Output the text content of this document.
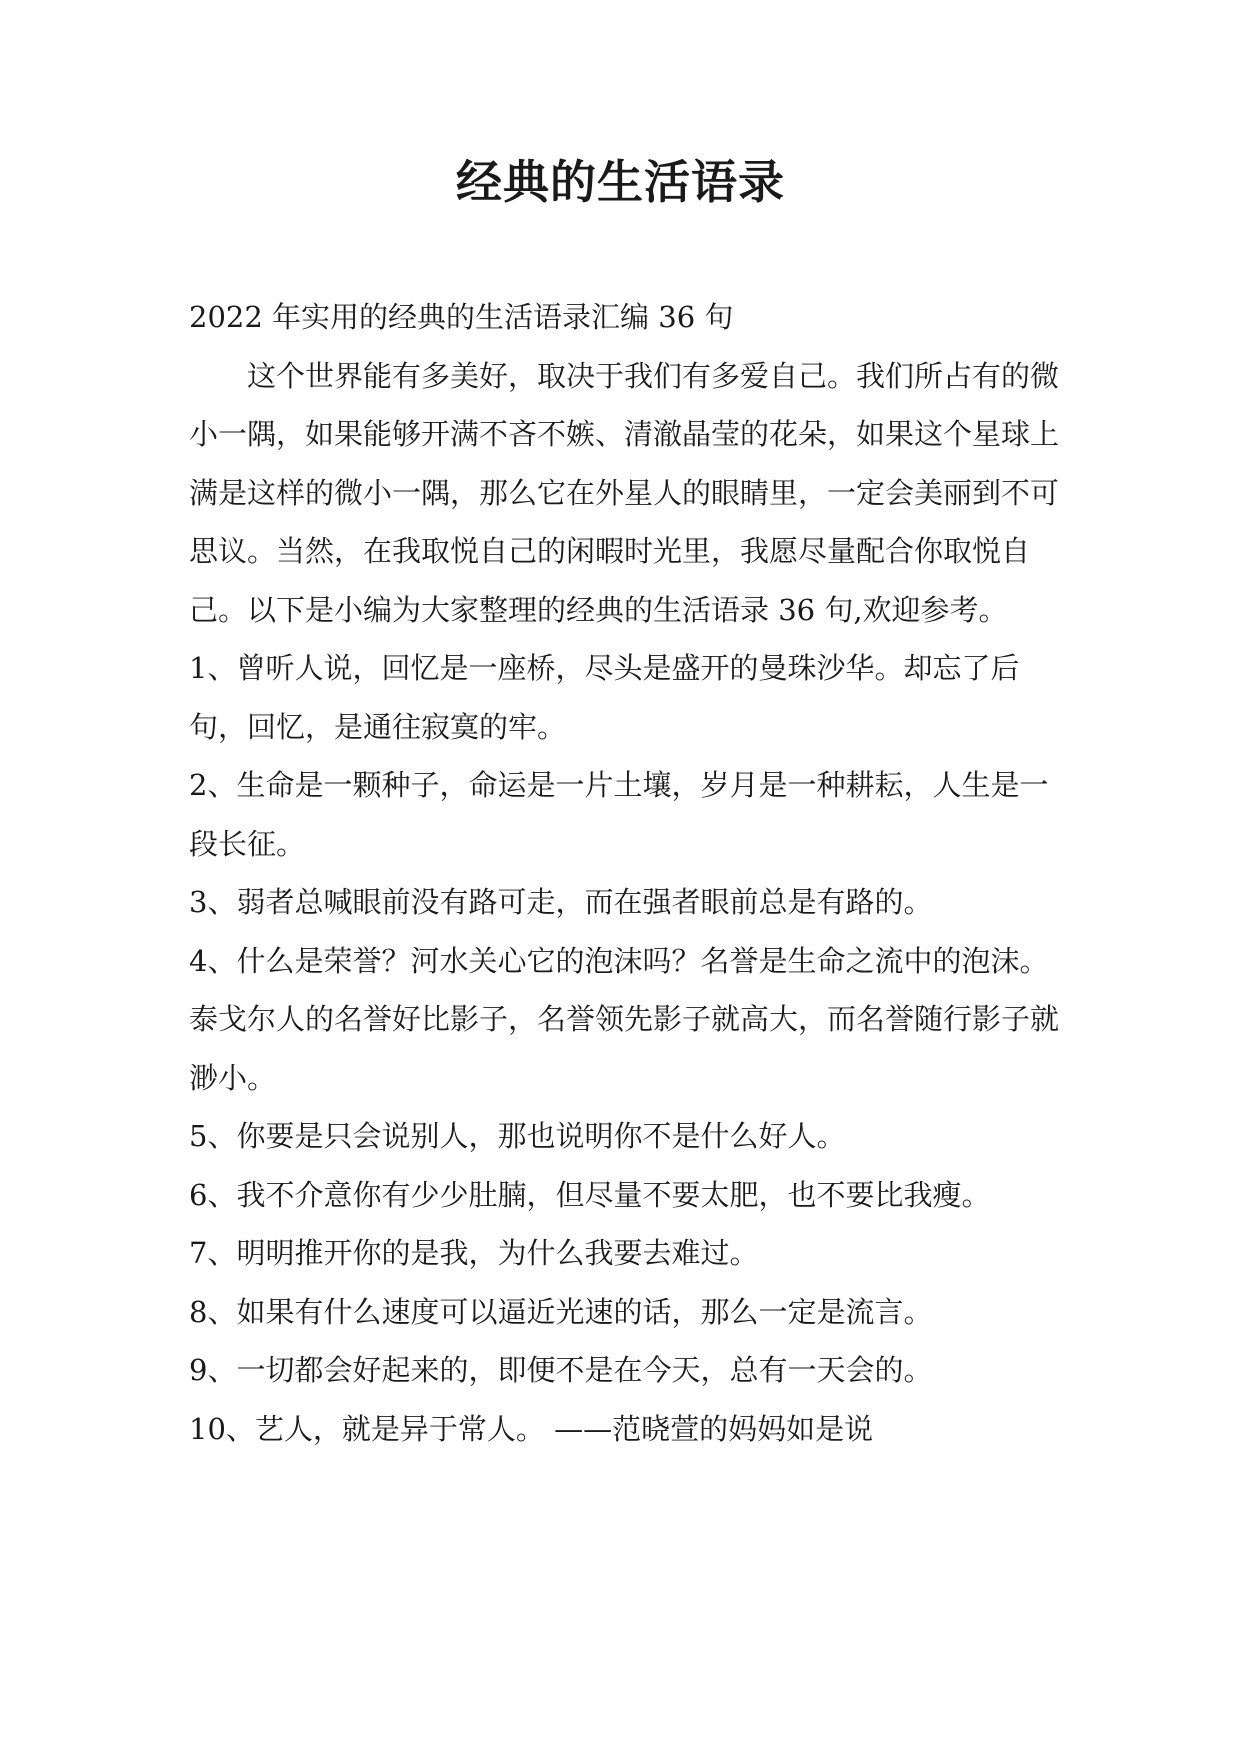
经典的生活语录

2022 年实用的经典的生活语录汇编 36 句

这个世界能有多美好，取决于我们有多爱自己。我们所占有的微小一隅，如果能够开满不吝不嫉、清澈晶莹的花朵，如果这个星球上满是这样的微小一隅，那么它在外星人的眼睛里，一定会美丽到不可思议。当然，在我取悦自己的闲暇时光里，我愿尽量配合你取悦自己。以下是小编为大家整理的经典的生活语录 36 句,欢迎参考。

1、曾听人说，回忆是一座桥，尽头是盛开的曼珠沙华。却忘了后句，回忆，是通往寂寞的牢。

2、生命是一颗种子，命运是一片土壤，岁月是一种耕耘，人生是一段长征。

3、弱者总喊眼前没有路可走，而在强者眼前总是有路的。

4、什么是荣誉？河水关心它的泡沫吗？名誉是生命之流中的泡沫。泰戈尔人的名誉好比影子，名誉领先影子就高大，而名誉随行影子就渺小。

5、你要是只会说别人，那也说明你不是什么好人。

6、我不介意你有少少肚腩，但尽量不要太肥，也不要比我瘦。

7、明明推开你的是我，为什么我要去难过。

8、如果有什么速度可以逼近光速的话，那么一定是流言。

9、一切都会好起来的，即便不是在今天，总有一天会的。

10、艺人，就是异于常人。 ——范晓萱的妈妈如是说
